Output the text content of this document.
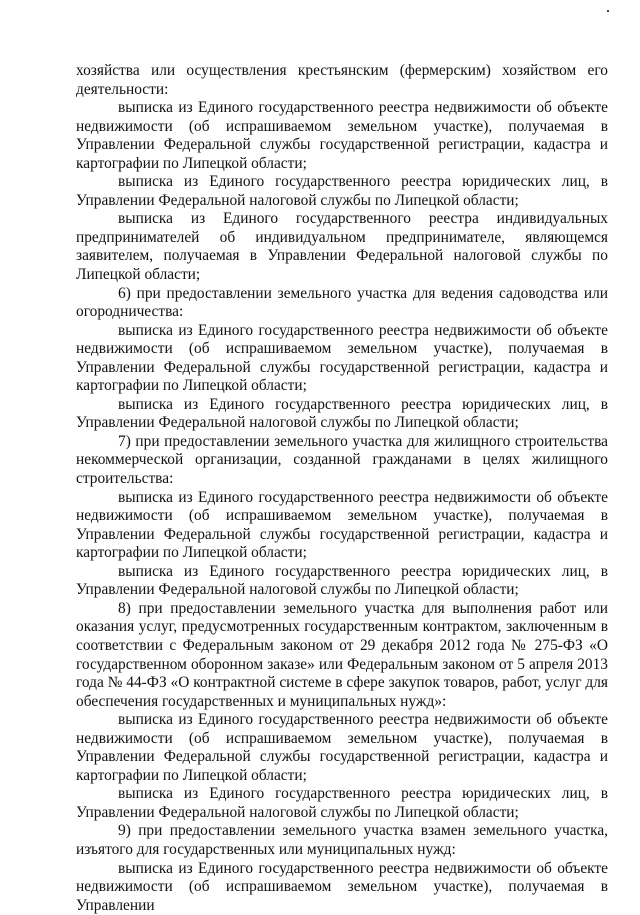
хозяйства или осуществления крестьянским (фермерским) хозяйством его деятельности:

выписка из Единого государственного реестра недвижимости об объекте недвижимости (об испрашиваемом земельном участке), получаемая в Управлении Федеральной службы государственной регистрации, кадастра и картографии по Липецкой области;

выписка из Единого государственного реестра юридических лиц, в Управлении Федеральной налоговой службы по Липецкой области;

выписка из Единого государственного реестра индивидуальных предпринимателей об индивидуальном предпринимателе, являющемся заявителем, получаемая в Управлении Федеральной налоговой службы по Липецкой области;

6) при предоставлении земельного участка для ведения садоводства или огородничества:

выписка из Единого государственного реестра недвижимости об объекте недвижимости (об испрашиваемом земельном участке), получаемая в Управлении Федеральной службы государственной регистрации, кадастра и картографии по Липецкой области;

выписка из Единого государственного реестра юридических лиц, в Управлении Федеральной налоговой службы по Липецкой области;

7) при предоставлении земельного участка для жилищного строительства некоммерческой организации, созданной гражданами в целях жилищного строительства:

выписка из Единого государственного реестра недвижимости об объекте недвижимости (об испрашиваемом земельном участке), получаемая в Управлении Федеральной службы государственной регистрации, кадастра и картографии по Липецкой области;

выписка из Единого государственного реестра юридических лиц, в Управлении Федеральной налоговой службы по Липецкой области;

8) при предоставлении земельного участка для выполнения работ или оказания услуг, предусмотренных государственным контрактом, заключенным в соответствии с Федеральным законом от 29 декабря 2012 года № 275-ФЗ «О государственном оборонном заказе» или Федеральным законом от 5 апреля 2013 года № 44-ФЗ «О контрактной системе в сфере закупок товаров, работ, услуг для обеспечения государственных и муниципальных нужд»:

выписка из Единого государственного реестра недвижимости об объекте недвижимости (об испрашиваемом земельном участке), получаемая в Управлении Федеральной службы государственной регистрации, кадастра и картографии по Липецкой области;

выписка из Единого государственного реестра юридических лиц, в Управлении Федеральной налоговой службы по Липецкой области;

9) при предоставлении земельного участка взамен земельного участка, изъятого для государственных или муниципальных нужд:

выписка из Единого государственного реестра недвижимости об объекте недвижимости (об испрашиваемом земельном участке), получаемая в Управлении
